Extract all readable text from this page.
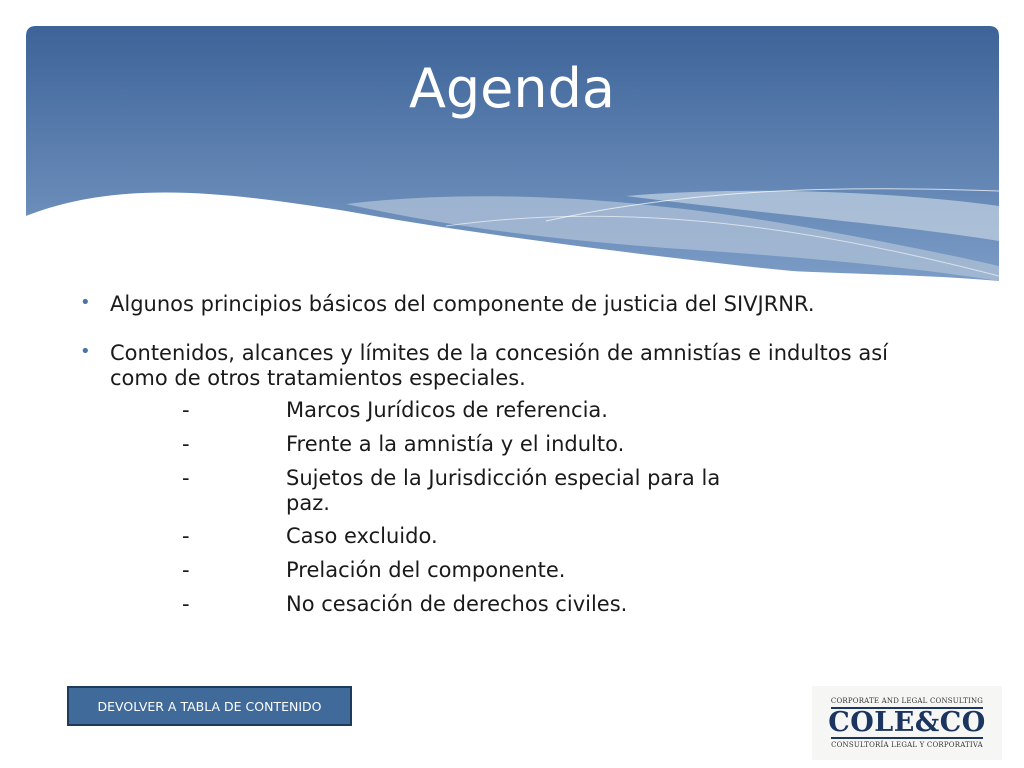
Agenda
• Algunos principios básicos del componente de justicia del SIVJRNR.
• Contenidos, alcances y límites de la concesión de amnistías e indultos así como de otros tratamientos especiales.
-	Marcos Jurídicos de referencia.
-	Frente a la amnistía y el indulto.
-	Sujetos de la Jurisdicción especial para la paz.
-	Caso excluido.
-	Prelación del componente.
-	No cesación de derechos civiles.
DEVOLVER A TABLA DE CONTENIDO	CORPORATE AND LEGAL CONSULTING
COLE&CO
CONSULTORÍA LEGAL Y CORPORATIVA
